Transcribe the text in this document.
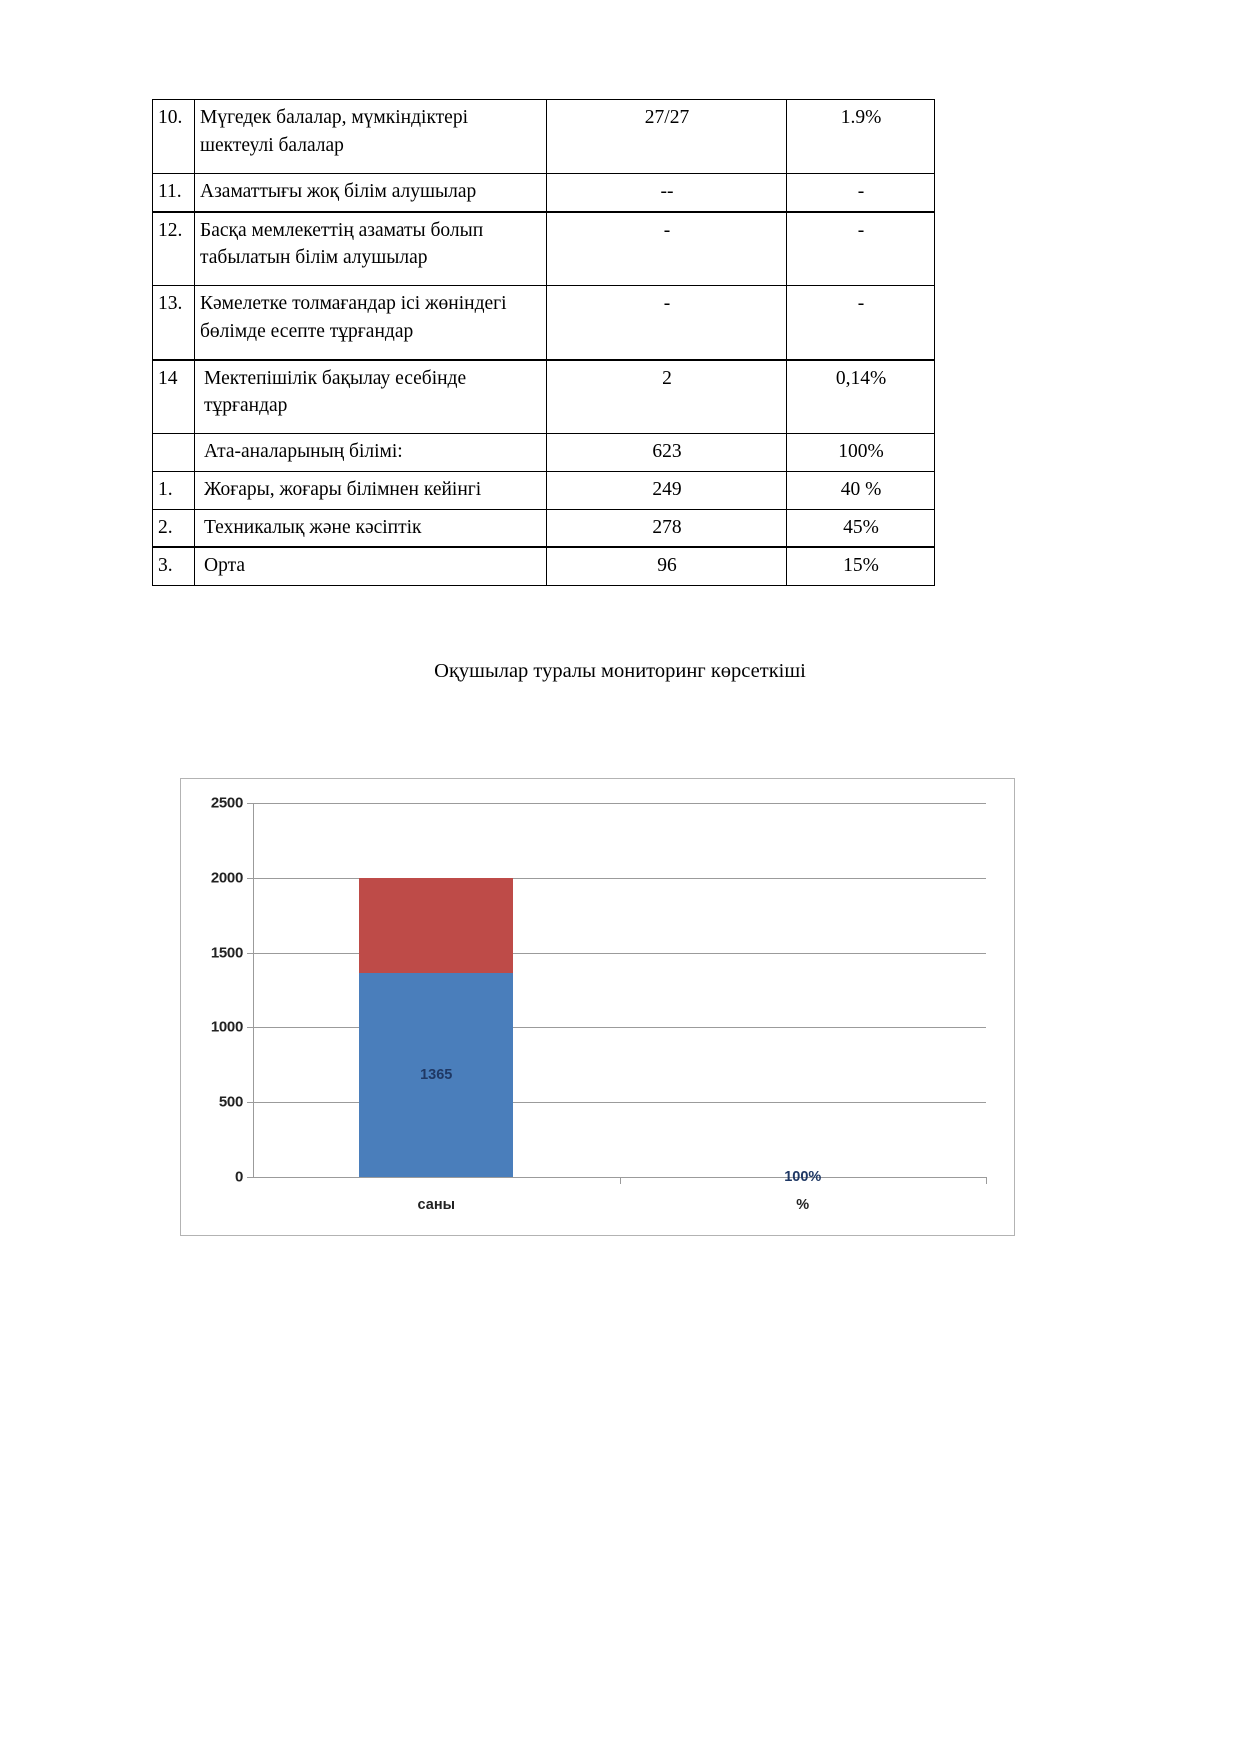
10.	Мүгедек балалар, мүмкіндіктері шектеулі балалар	27/27	1.9%
11.	Азаматтығы жоқ білім алушылар	--	-
12.	Басқа мемлекеттің азаматы болып табылатын білім алушылар	-	-
13.	Кәмелетке толмағандар ісі жөніндегі бөлімде есепте тұрғандар	-	-
14	Мектепішілік бақылау есебінде тұрғандар	2	0,14%
	Ата-аналарының білімі:	623	100%
1.	Жоғары, жоғары білімнен кейінгі	249	40 %
2.	Техникалық және кәсіптік	278	45%
3.	Орта	96	15%
Оқушылар туралы мониторинг көрсеткіші
0
500
1000
1500
2000
2500
саны	%
1365
100%
